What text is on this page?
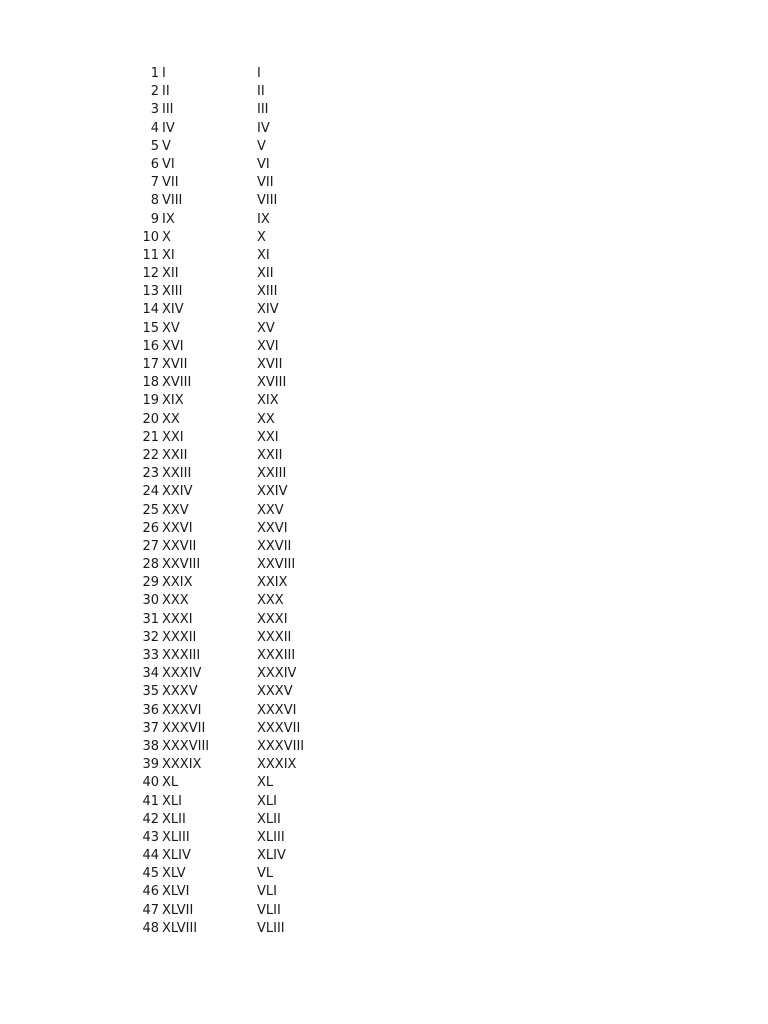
1 I	I
2 II	II
3 III	III
4 IV	IV
5 V	V
6 VI	VI
7 VII	VII
8 VIII	VIII
9 IX	IX
10 X	X
11 XI	XI
12 XII	XII
13 XIII	XIII
14 XIV	XIV
15 XV	XV
16 XVI	XVI
17 XVII	XVII
18 XVIII	XVIII
19 XIX	XIX
20 XX	XX
21 XXI	XXI
22 XXII	XXII
23 XXIII	XXIII
24 XXIV	XXIV
25 XXV	XXV
26 XXVI	XXVI
27 XXVII	XXVII
28 XXVIII	XXVIII
29 XXIX	XXIX
30 XXX	XXX
31 XXXI	XXXI
32 XXXII	XXXII
33 XXXIII	XXXIII
34 XXXIV	XXXIV
35 XXXV	XXXV
36 XXXVI	XXXVI
37 XXXVII	XXXVII
38 XXXVIII	XXXVIII
39 XXXIX	XXXIX
40 XL	XL
41 XLI	XLI
42 XLII	XLII
43 XLIII	XLIII
44 XLIV	XLIV
45 XLV	VL
46 XLVI	VLI
47 XLVII	VLII
48 XLVIII	VLIII
